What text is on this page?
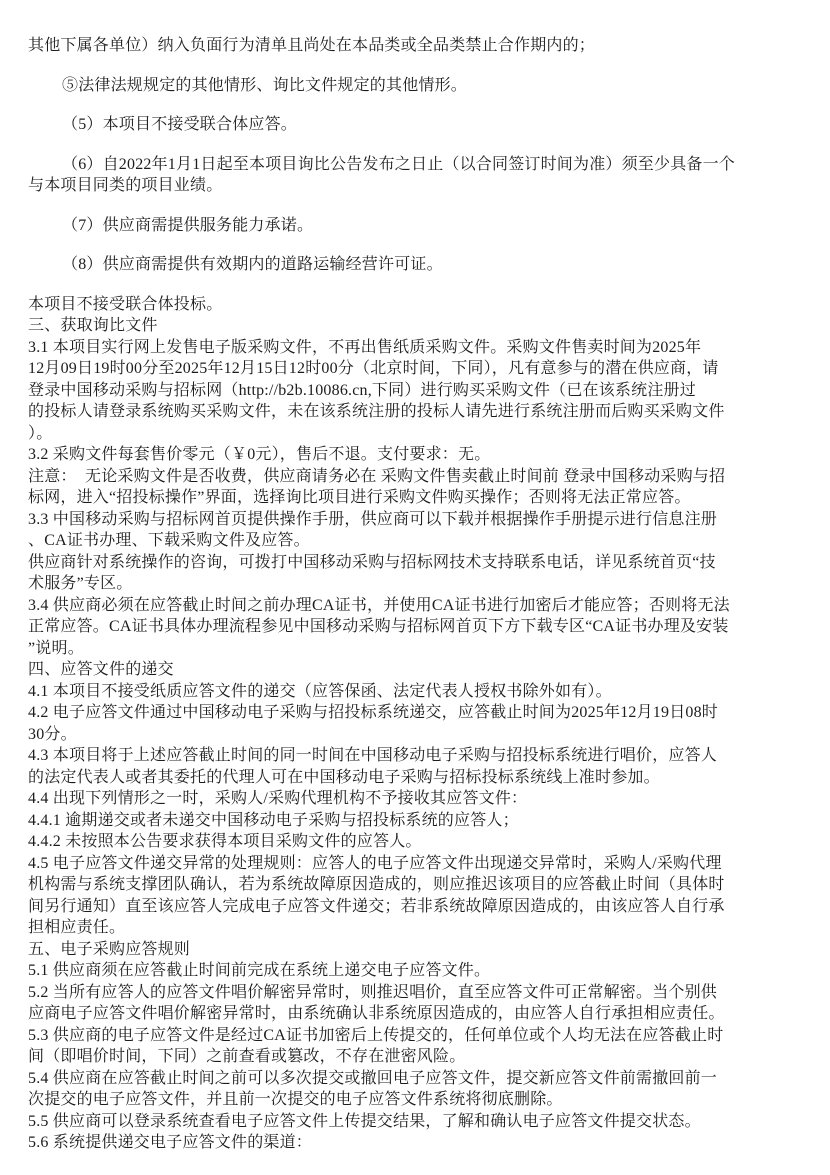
其他下属各单位）纳入负面行为清单且尚处在本品类或全品类禁止合作期内的；
⑤法律法规规定的其他情形、询比文件规定的其他情形。
（5）本项目不接受联合体应答。
（6）自2022年1月1日起至本项目询比公告发布之日止（以合同签订时间为准）须至少具备一个
与本项目同类的项目业绩。
（7）供应商需提供服务能力承诺。
（8）供应商需提供有效期内的道路运输经营许可证。
本项目不接受联合体投标。
三、获取询比文件
3.1 本项目实行网上发售电子版采购文件，不再出售纸质采购文件。采购文件售卖时间为2025年
12月09日19时00分至2025年12月15日12时00分（北京时间，下同），凡有意参与的潜在供应商，请
登录中国移动采购与招标网（http://b2b.10086.cn,下同）进行购买采购文件（已在该系统注册过
的投标人请登录系统购买采购文件，未在该系统注册的投标人请先进行系统注册而后购买采购文件
）。
3.2 采购文件每套售价零元（￥0元），售后不退。支付要求：无。
注意：  无论采购文件是否收费，供应商请务必在 采购文件售卖截止时间前 登录中国移动采购与招
标网，进入“招投标操作”界面，选择询比项目进行采购文件购买操作；否则将无法正常应答。
3.3 中国移动采购与招标网首页提供操作手册，供应商可以下载并根据操作手册提示进行信息注册
、CA证书办理、下载采购文件及应答。
供应商针对系统操作的咨询，可拨打中国移动采购与招标网技术支持联系电话，详见系统首页“技
术服务”专区。
3.4 供应商必须在应答截止时间之前办理CA证书，并使用CA证书进行加密后才能应答；否则将无法
正常应答。CA证书具体办理流程参见中国移动采购与招标网首页下方下载专区“CA证书办理及安装
”说明。
四、应答文件的递交
4.1 本项目不接受纸质应答文件的递交（应答保函、法定代表人授权书除外如有）。
4.2 电子应答文件通过中国移动电子采购与招投标系统递交，应答截止时间为2025年12月19日08时
30分。
4.3 本项目将于上述应答截止时间的同一时间在中国移动电子采购与招投标系统进行唱价，应答人
的法定代表人或者其委托的代理人可在中国移动电子采购与招标投标系统线上准时参加。
4.4 出现下列情形之一时，采购人/采购代理机构不予接收其应答文件：
4.4.1 逾期递交或者未递交中国移动电子采购与招投标系统的应答人；
4.4.2 未按照本公告要求获得本项目采购文件的应答人。
4.5 电子应答文件递交异常的处理规则：应答人的电子应答文件出现递交异常时，采购人/采购代理
机构需与系统支撑团队确认，若为系统故障原因造成的，则应推迟该项目的应答截止时间（具体时
间另行通知）直至该应答人完成电子应答文件递交；若非系统故障原因造成的，由该应答人自行承
担相应责任。
五、电子采购应答规则
5.1 供应商须在应答截止时间前完成在系统上递交电子应答文件。
5.2 当所有应答人的应答文件唱价解密异常时，则推迟唱价，直至应答文件可正常解密。当个别供
应商电子应答文件唱价解密异常时，由系统确认非系统原因造成的，由应答人自行承担相应责任。
5.3 供应商的电子应答文件是经过CA证书加密后上传提交的，任何单位或个人均无法在应答截止时
间（即唱价时间，下同）之前查看或篡改，不存在泄密风险。
5.4 供应商在应答截止时间之前可以多次提交或撤回电子应答文件，提交新应答文件前需撤回前一
次提交的电子应答文件，并且前一次提交的电子应答文件系统将彻底删除。
5.5 供应商可以登录系统查看电子应答文件上传提交结果，了解和确认电子应答文件提交状态。
5.6 系统提供递交电子应答文件的渠道：
